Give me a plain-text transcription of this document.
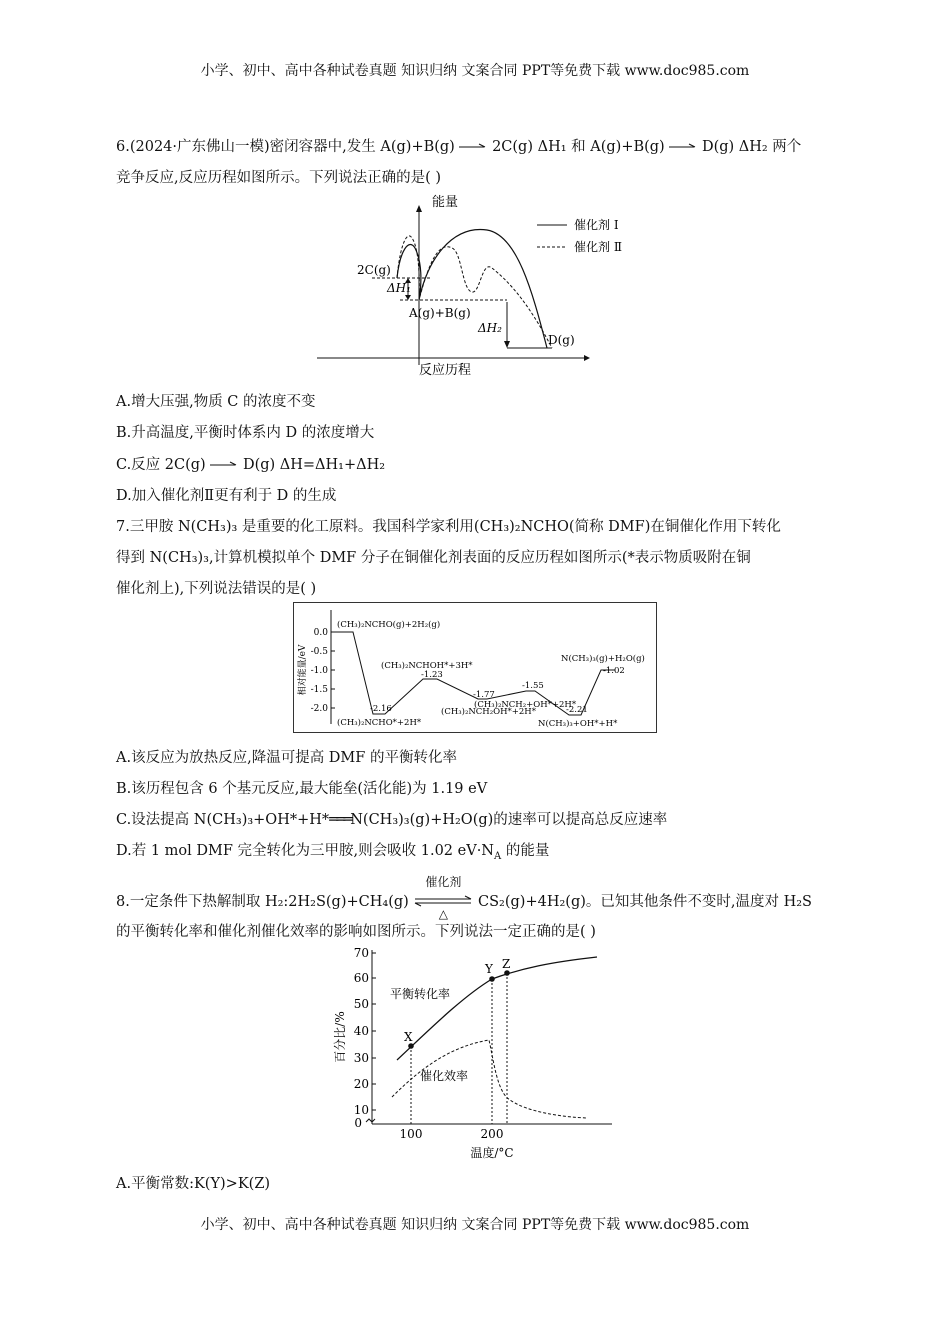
小学、初中、高中各种试卷真题 知识归纳 文案合同 PPT等免费下载 www.doc985.com
6.(2024·广东佛山一模)密闭容器中,发生 A(g)+B(g) → 2C(g) ΔH₁ 和 A(g)+B(g) → D(g) ΔH₂ 两个
竞争反应,反应历程如图所示。下列说法正确的是( )
能量
反应历程
催化剂 Ⅰ
催化剂 Ⅱ
2C(g)
ΔH₁
A(g)+B(g)
ΔH₂
D(g)
A.增大压强,物质 C 的浓度不变
B.升高温度,平衡时体系内 D 的浓度增大
C.反应 2C(g) → D(g) ΔH=ΔH₁+ΔH₂
D.加入催化剂Ⅱ更有利于 D 的生成
7.三甲胺 N(CH₃)₃ 是重要的化工原料。我国科学家利用(CH₃)₂NCHO(简称 DMF)在铜催化作用下转化
得到 N(CH₃)₃,计算机模拟单个 DMF 分子在铜催化剂表面的反应历程如图所示(*表示物质吸附在铜
催化剂上),下列说法错误的是( )
相对能量/eV
0.0
-0.5
-1.0
-1.5
-2.0
(CH₃)₂NCHO(g)+2H₂(g)
-2.16
(CH₃)₂NCHO*+2H*
(CH₃)₂NCHOH*+3H*
-1.23
-1.77
(CH₃)₂NCH₂OH*+2H*
(CH₃)₂NCH₂+OH*+2H*
-1.55
-2.21
N(CH₃)₃+OH*+H*
N(CH₃)₃(g)+H₂O(g)
-1.02
A.该反应为放热反应,降温可提高 DMF 的平衡转化率
B.该历程包含 6 个基元反应,最大能垒(活化能)为 1.19 eV
C.设法提高 N(CH₃)₃+OH*+H*═══N(CH₃)₃(g)+H₂O(g)的速率可以提高总反应速率
D.若 1 mol DMF 完全转化为三甲胺,则会吸收 1.02 $eV\cdot N_A$ 的能量
8.一定条件下热解制取 H₂:2H₂S(g)+CH₄(g)
催化剂
△
CS₂(g)+4H₂(g)。已知其他条件不变时,温度对 H₂S
的平衡转化率和催化剂催化效率的影响如图所示。下列说法一定正确的是( )
百分比/%
温度/°C
70
60
50
40
30
20
10
0
100	200
X
Y Z
平衡转化率
催化效率
A.平衡常数:K(Y)>K(Z)
小学、初中、高中各种试卷真题 知识归纳 文案合同 PPT等免费下载 www.doc985.com
